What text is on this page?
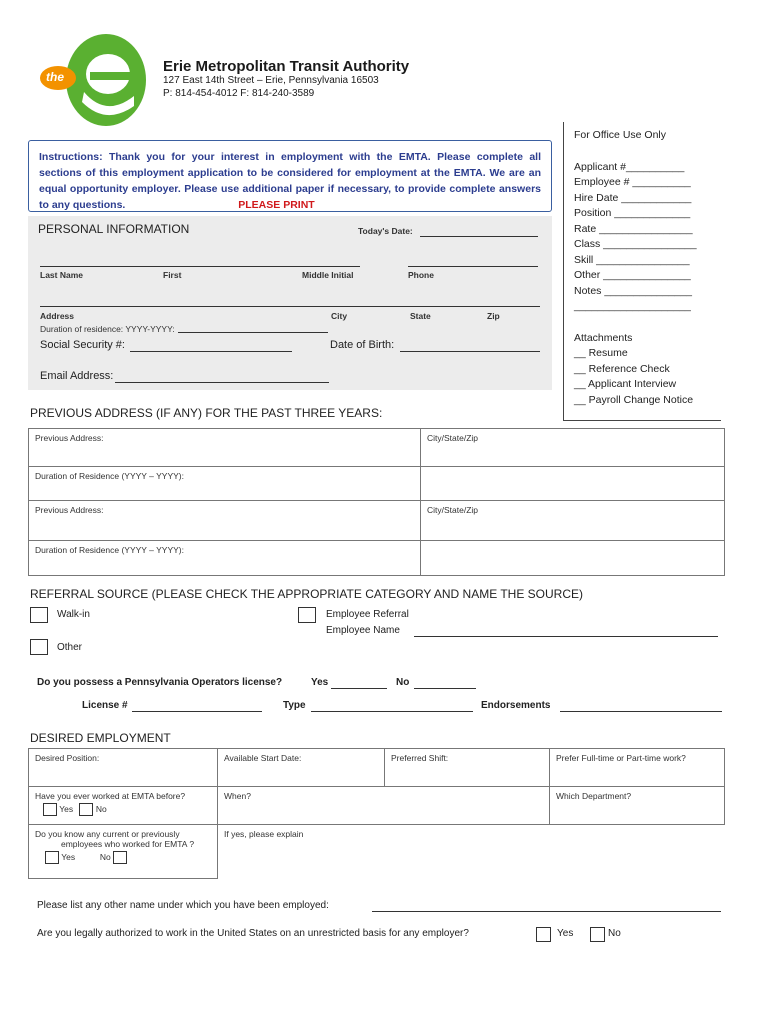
the
Erie Metropolitan Transit Authority
127 East 14th Street – Erie, Pennsylvania 16503
P: 814-454-4012 F: 814-240-3589
For Office Use Only
Applicant #__________
Employee # __________
Hire Date ____________
Position _____________
Rate ________________
Class ________________
Skill ________________
Other _______________
Notes _______________
____________________
Attachments
__ Resume
__ Reference Check
__ Applicant Interview
__ Payroll Change Notice
Instructions: Thank you for your interest in employment with the EMTA. Please complete all sections of this employment application to be considered for employment at the EMTA. We are an equal opportunity employer. Please use additional paper if necessary, to provide complete answers to any questions.	PLEASE PRINT
PERSONAL INFORMATION	Today's Date:
Last Name	First	Middle Initial	Phone
Address	City	State	Zip
Duration of residence: YYYY-YYYY:
Social Security #:	Date of Birth:
Email Address:
PREVIOUS ADDRESS (IF ANY) FOR THE PAST THREE YEARS:
Previous Address:	City/State/Zip
Duration of Residence (YYYY – YYYY):	
Previous Address:	City/State/Zip
Duration of Residence (YYYY – YYYY):	
REFERRAL SOURCE (PLEASE CHECK THE APPROPRIATE CATEGORY AND NAME THE SOURCE)
Walk-in	Employee Referral
Employee Name
Other
Do you possess a Pennsylvania Operators license?	Yes	No
License #	Type	Endorsements
DESIRED EMPLOYMENT
Desired Position:	Available Start Date:	Preferred Shift:	Prefer Full-time or Part-time work?

Have you ever worked at EMTA before?
Yes No	When?		Which Department?

Do you know any current or previously
employees who worked for EMTA ?
Yes No	If yes, please explain		
Please list any other name under which you have been employed:
Are you legally authorized to work in the United States on an unrestricted basis for any employer?	Yes	No
